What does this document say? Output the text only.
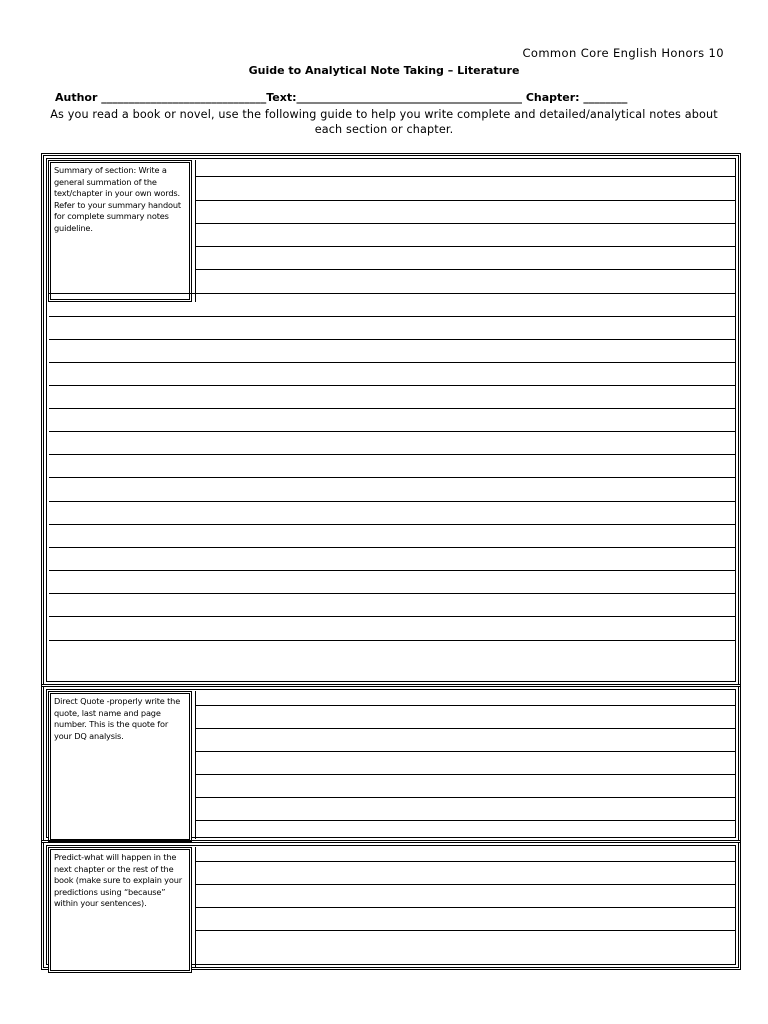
Common Core English Honors 10
Guide to Analytical Note Taking – Literature
Author ______________________________Text:_________________________________________ Chapter: ________
As you read a book or novel, use the following guide to help you write complete and detailed/analytical notes about each section or chapter.
Summary of section: Write a general summation of the text/chapter in your own words. Refer to your summary handout for complete summary notes guideline.
Direct Quote -properly write the quote, last name and page number. This is the quote for your DQ analysis.
Predict-what will happen in the next chapter or the rest of the book (make sure to explain your predictions using “because” within your sentences).
